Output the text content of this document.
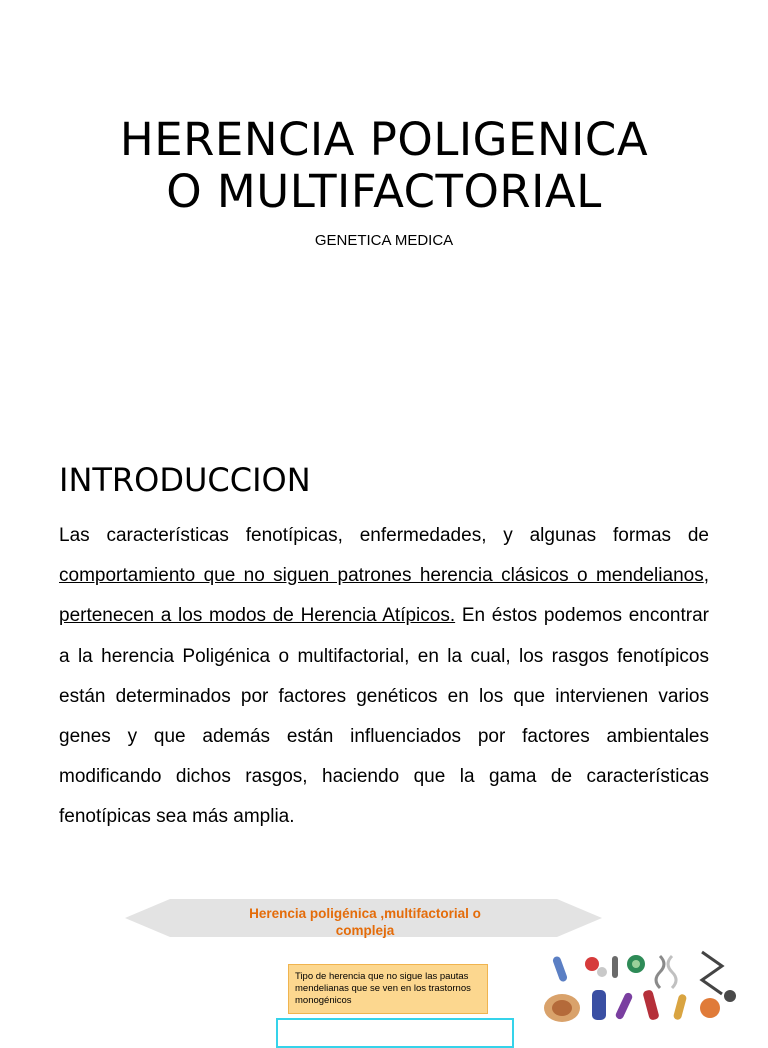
HERENCIA POLIGENICA
O MULTIFACTORIAL
GENETICA MEDICA
INTRODUCCION

Las características fenotípicas, enfermedades, y algunas formas de comportamiento que no siguen patrones herencia clásicos o mendelianos, pertenecen a los modos de Herencia Atípicos. En éstos podemos encontrar a la herencia Poligénica o multifactorial, en la cual, los rasgos fenotípicos están determinados por factores genéticos en los que intervienen varios genes y que además están influenciados por factores ambientales modificando dichos rasgos, haciendo que la gama de características fenotípicas sea más amplia.

Herencia poligénica ,multifactorial o compleja
Tipo de herencia que no sigue las pautas mendelianas que se ven en los trastornos monogénicos
